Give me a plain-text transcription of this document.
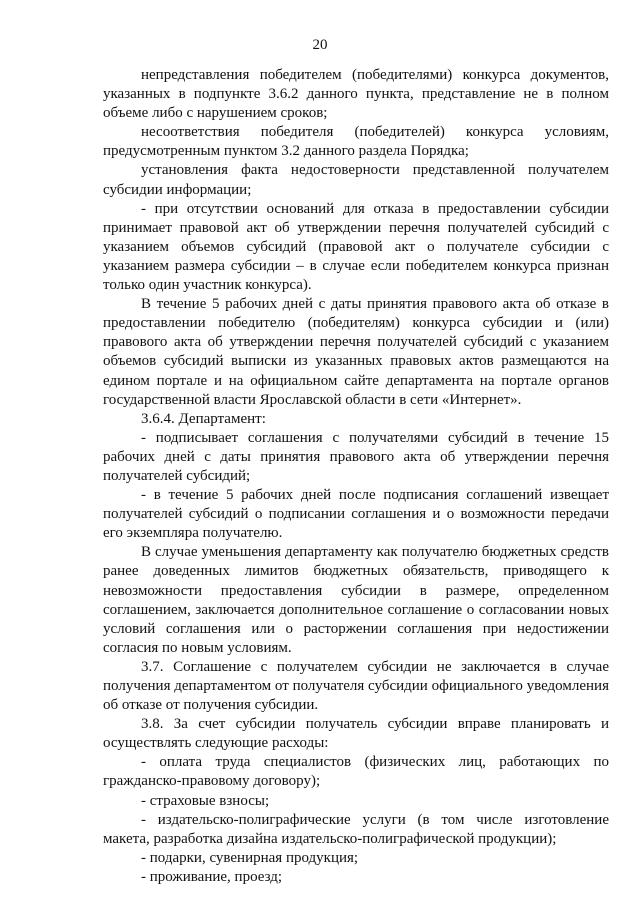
20

непредставления победителем (победителями) конкурса документов, указанных в подпункте 3.6.2 данного пункта, представление не в полном объеме либо с нарушением сроков;

несоответствия победителя (победителей) конкурса условиям, предусмотренным пунктом 3.2 данного раздела Порядка;

установления факта недостоверности представленной получателем субсидии информации;

- при отсутствии оснований для отказа в предоставлении субсидии принимает правовой акт об утверждении перечня получателей субсидий с указанием объемов субсидий (правовой акт о получателе субсидии с указанием размера субсидии – в случае если победителем конкурса признан только один участник конкурса).

В течение 5 рабочих дней с даты принятия правового акта об отказе в предоставлении победителю (победителям) конкурса субсидии и (или) правового акта об утверждении перечня получателей субсидий с указанием объемов субсидий выписки из указанных правовых актов размещаются на едином портале и на официальном сайте департамента на портале органов государственной власти Ярославской области в сети «Интернет».

3.6.4. Департамент:

- подписывает соглашения с получателями субсидий в течение 15 рабочих дней с даты принятия правового акта об утверждении перечня получателей субсидий;

- в течение 5 рабочих дней после подписания соглашений извещает получателей субсидий о подписании соглашения и о возможности передачи его экземпляра получателю.

В случае уменьшения департаменту как получателю бюджетных средств ранее доведенных лимитов бюджетных обязательств, приводящего к невозможности предоставления субсидии в размере, определенном соглашением, заключается дополнительное соглашение о согласовании новых условий соглашения или о расторжении соглашения при недостижении согласия по новым условиям.

3.7. Соглашение с получателем субсидии не заключается в случае получения департаментом от получателя субсидии официального уведомления об отказе от получения субсидии.

3.8. За счет субсидии получатель субсидии вправе планировать и осуществлять следующие расходы:

- оплата труда специалистов (физических лиц, работающих по гражданско-правовому договору);

- страховые взносы;

- издательско-полиграфические услуги (в том числе изготовление макета, разработка дизайна издательско-полиграфической продукции);

- подарки, сувенирная продукция;

- проживание, проезд;
